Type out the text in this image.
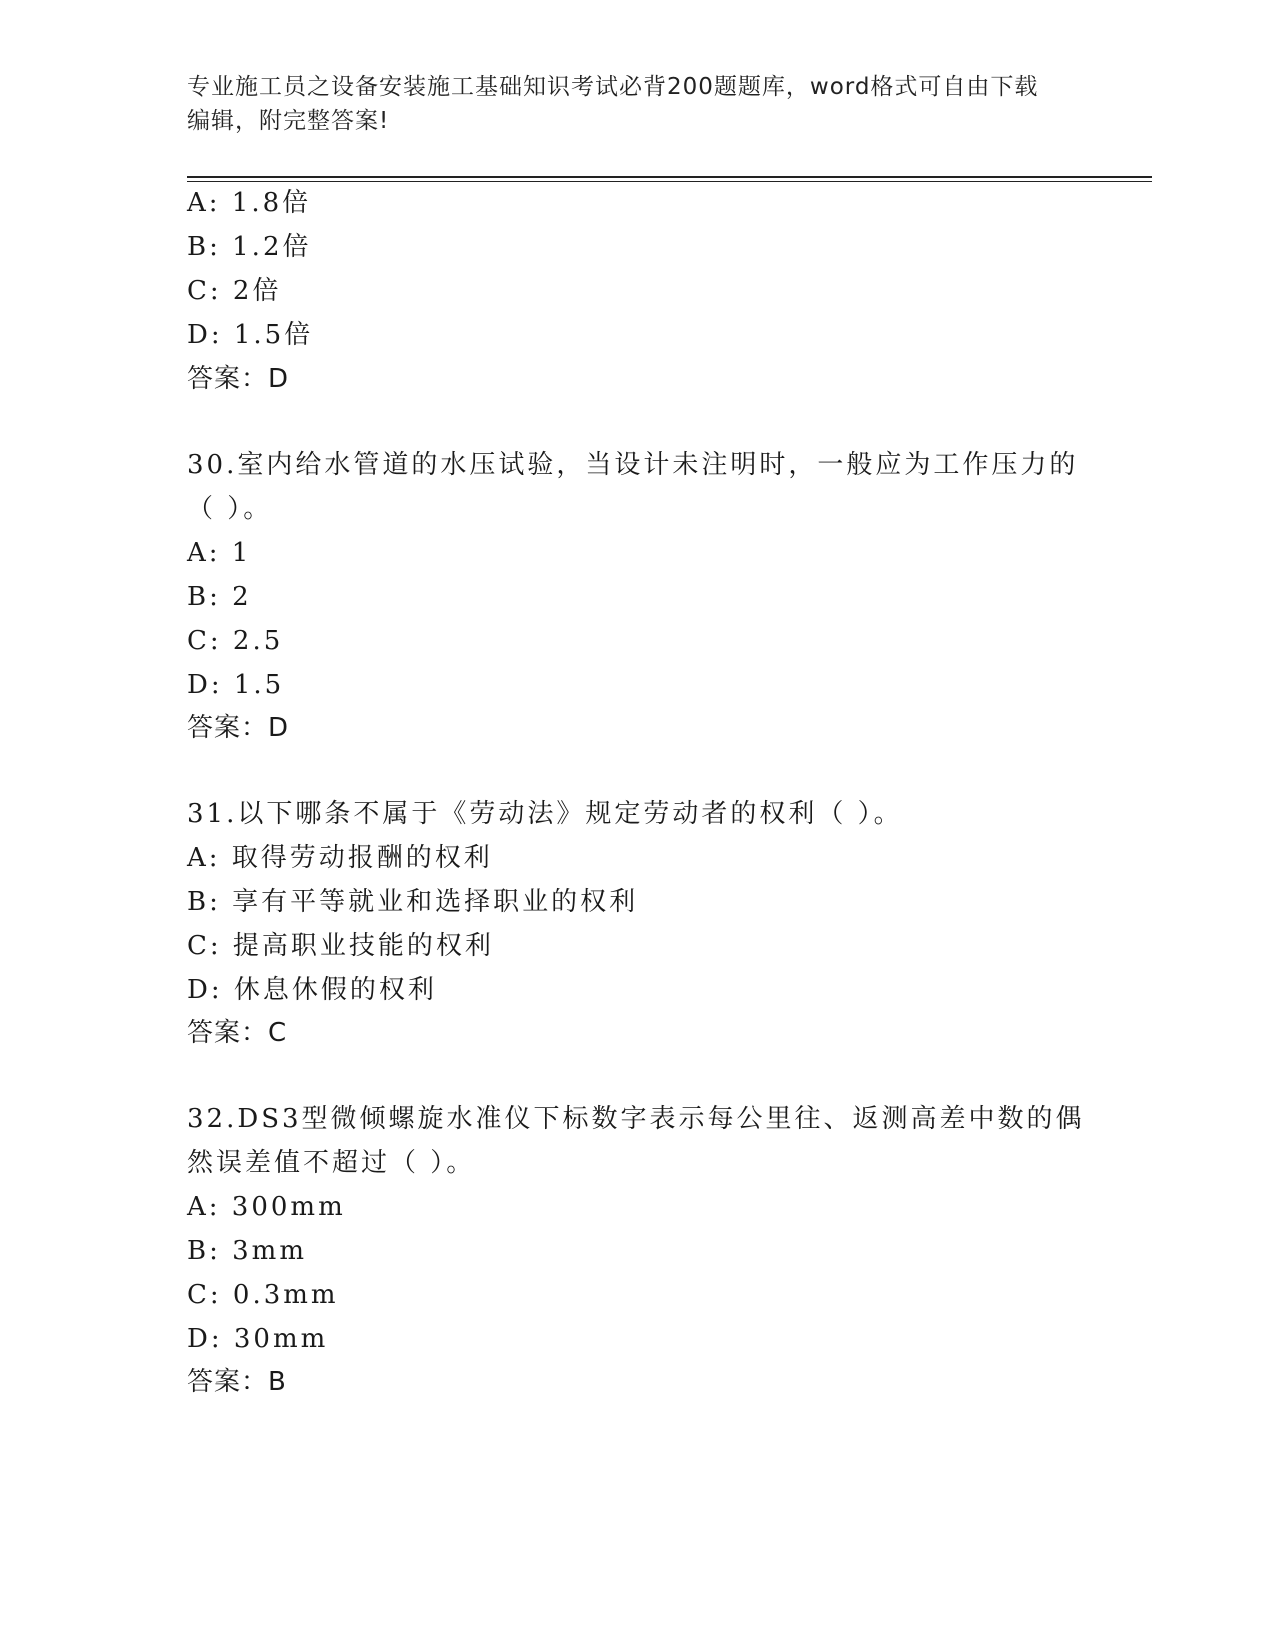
专业施工员之设备安装施工基础知识考试必背200题题库，word格式可自由下载
编辑，附完整答案!
A: 1.8倍
B: 1.2倍
C: 2倍
D: 1.5倍
答案：D
30.室内给水管道的水压试验，当设计未注明时，一般应为工作压力的
（ ）。
A: 1
B: 2
C: 2.5
D: 1.5
答案：D
31.以下哪条不属于《劳动法》规定劳动者的权利（ ）。
A: 取得劳动报酬的权利
B: 享有平等就业和选择职业的权利
C: 提高职业技能的权利
D: 休息休假的权利
答案：C
32.DS3型微倾螺旋水准仪下标数字表示每公里往、返测高差中数的偶
然误差值不超过（ ）。
A: 300mm
B: 3mm
C: 0.3mm
D: 30mm
答案：B
